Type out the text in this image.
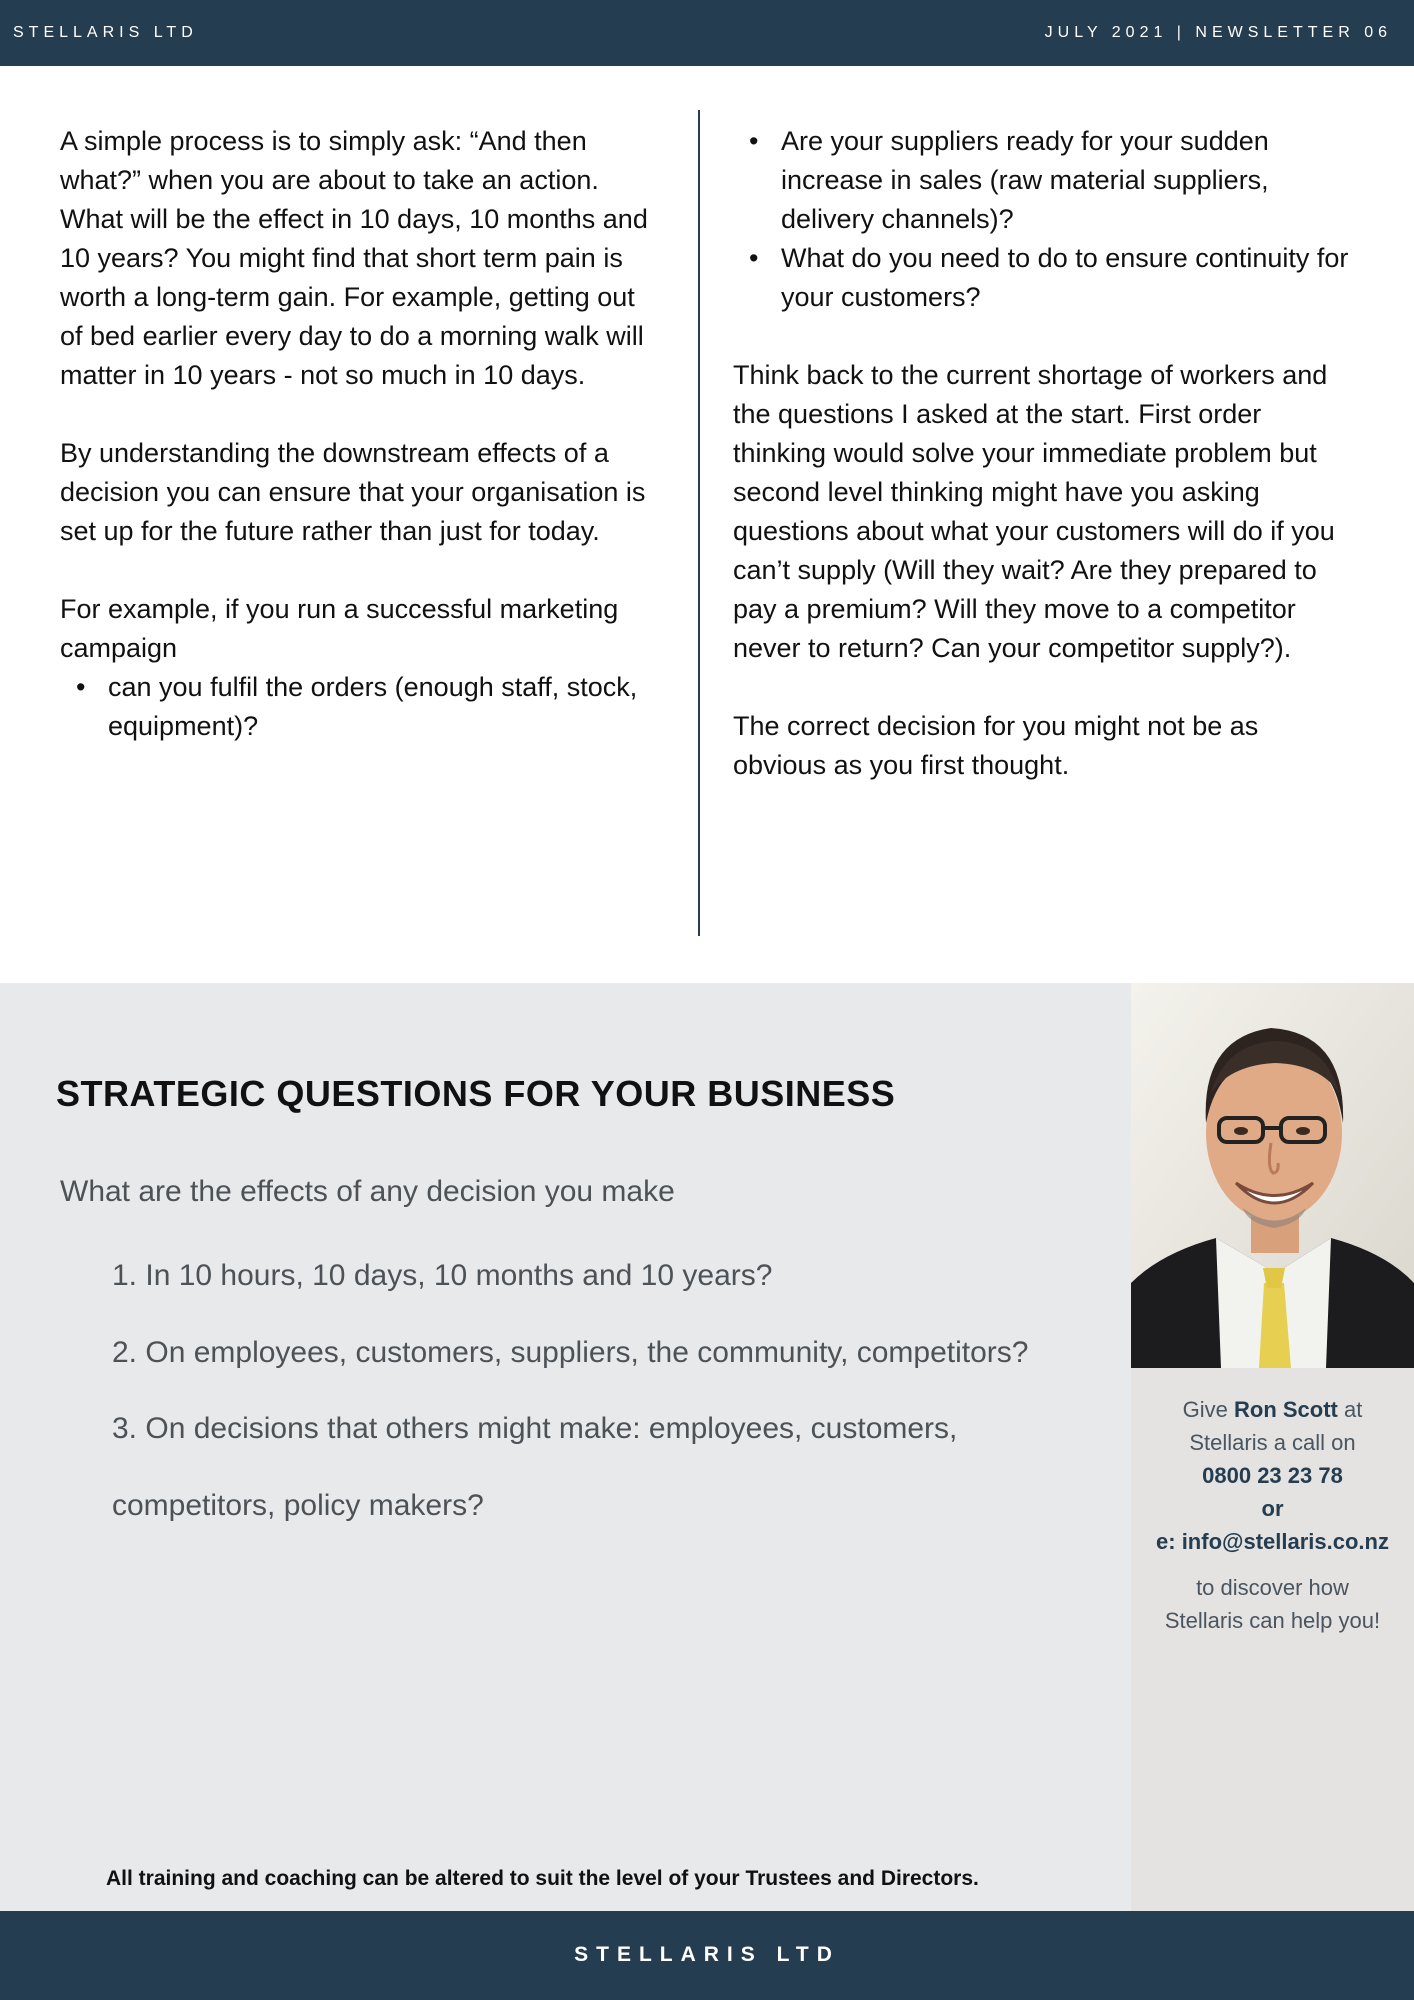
STELLARIS LTD	JULY 2021 | NEWSLETTER 06

A simple process is to simply ask: “And then what?” when you are about to take an action. What will be the effect in 10 days, 10 months and 10 years? You might find that short term pain is worth a long-term gain. For example, getting out of bed earlier every day to do a morning walk will matter in 10 years - not so much in 10 days.

By understanding the downstream effects of a decision you can ensure that your organisation is set up for the future rather than just for today.

For example, if you run a successful marketing campaign

• can you fulfil the orders (enough staff, stock, equipment)?
• Are your suppliers ready for your sudden increase in sales (raw material suppliers, delivery channels)?
• What do you need to do to ensure continuity for your customers?

Think back to the current shortage of workers and the questions I asked at the start. First order thinking would solve your immediate problem but second level thinking might have you asking questions about what your customers will do if you can’t supply (Will they wait? Are they prepared to pay a premium? Will they move to a competitor never to return? Can your competitor supply?).

The correct decision for you might not be as obvious as you first thought.

STRATEGIC QUESTIONS FOR YOUR BUSINESS
What are the effects of any decision you make
1. In 10 hours, 10 days, 10 months and 10 years?
2. On employees, customers, suppliers, the community, competitors?
3. On decisions that others might make: employees, customers, competitors, policy makers?
All training and coaching can be altered to suit the level of your Trustees and Directors.
Give Ron Scott at
Stellaris a call on
0800 23 23 78
or
e: info@stellaris.co.nz
to discover how
Stellaris can help you!
STELLARIS LTD
